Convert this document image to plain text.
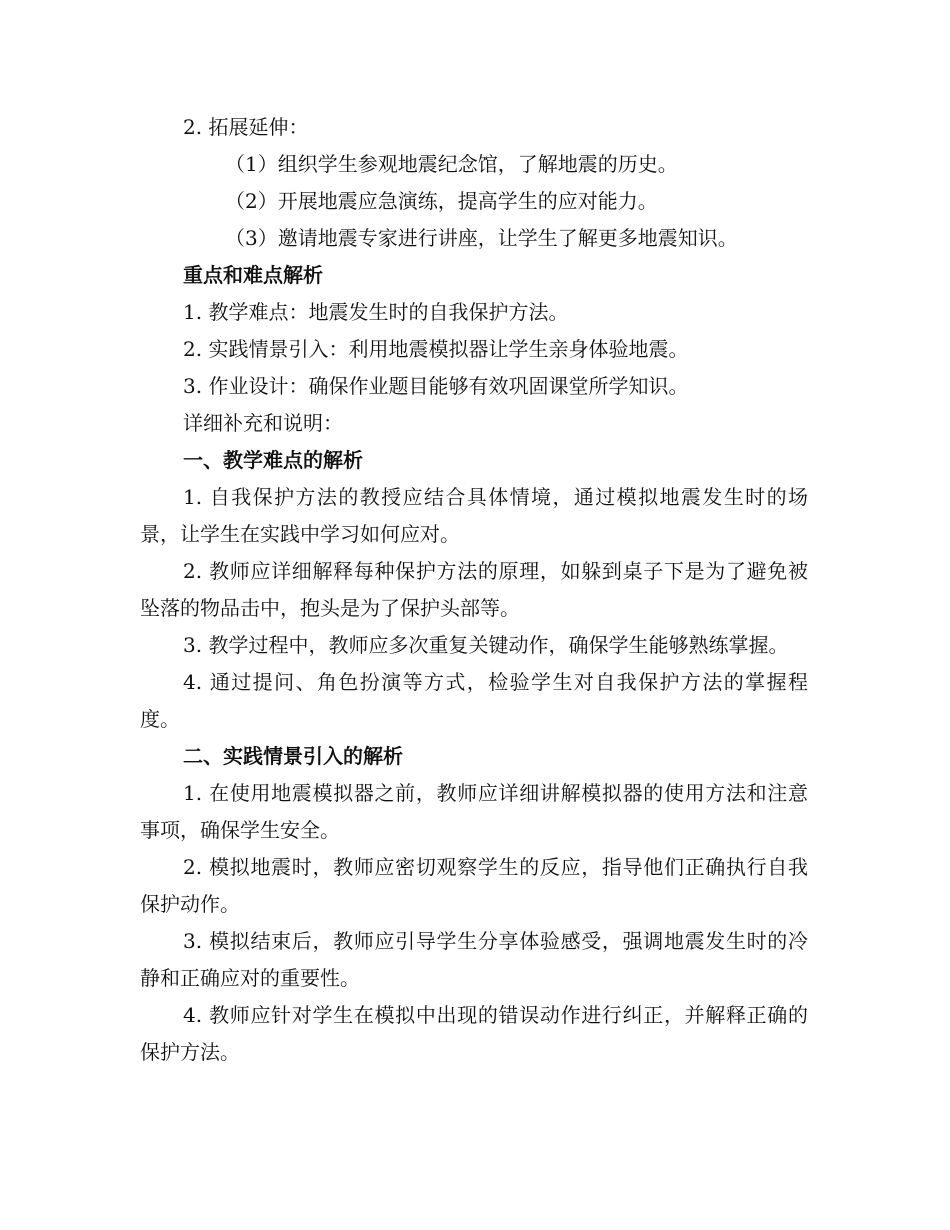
2. 拓展延伸：

（1）组织学生参观地震纪念馆，了解地震的历史。

（2）开展地震应急演练，提高学生的应对能力。

（3）邀请地震专家进行讲座，让学生了解更多地震知识。

重点和难点解析

1. 教学难点：地震发生时的自我保护方法。

2. 实践情景引入：利用地震模拟器让学生亲身体验地震。

3. 作业设计：确保作业题目能够有效巩固课堂所学知识。

详细补充和说明：

一、教学难点的解析

1. 自我保护方法的教授应结合具体情境，通过模拟地震发生时的场景，让学生在实践中学习如何应对。

2. 教师应详细解释每种保护方法的原理，如躲到桌子下是为了避免被坠落的物品击中，抱头是为了保护头部等。

3. 教学过程中，教师应多次重复关键动作，确保学生能够熟练掌握。

4. 通过提问、角色扮演等方式，检验学生对自我保护方法的掌握程度。

二、实践情景引入的解析

1. 在使用地震模拟器之前，教师应详细讲解模拟器的使用方法和注意事项，确保学生安全。

2. 模拟地震时，教师应密切观察学生的反应，指导他们正确执行自我保护动作。

3. 模拟结束后，教师应引导学生分享体验感受，强调地震发生时的冷静和正确应对的重要性。

4. 教师应针对学生在模拟中出现的错误动作进行纠正，并解释正确的保护方法。
